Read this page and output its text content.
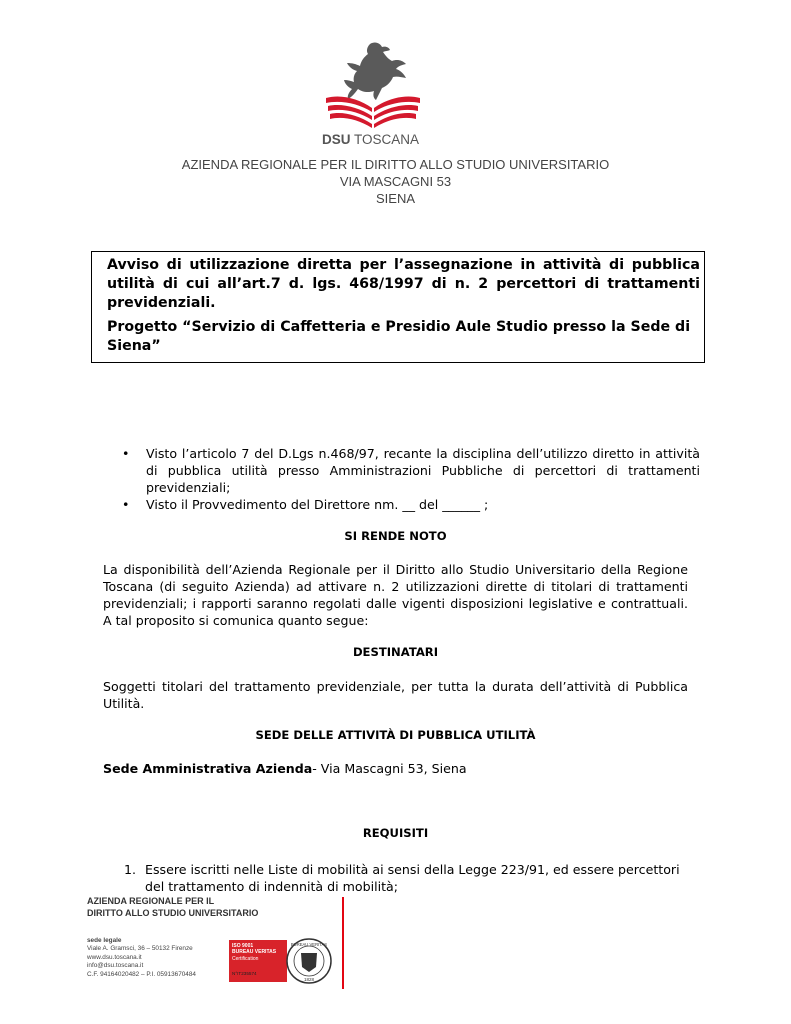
DSU TOSCANA
AZIENDA REGIONALE PER IL DIRITTO ALLO STUDIO UNIVERSITARIO
VIA MASCAGNI 53
SIENA
Avviso di utilizzazione diretta per l’assegnazione in attività di pubblica utilità di cui all’art.7 d. lgs. 468/1997 di n. 2 percettori di trattamenti previdenziali.
Progetto “Servizio di Caffetteria e Presidio Aule Studio presso la Sede di Siena”
• Visto l’articolo 7 del D.Lgs n.468/97, recante la disciplina dell’utilizzo diretto in attività di pubblica utilità presso Amministrazioni Pubbliche di percettori di trattamenti previdenziali;
• Visto il Provvedimento del Direttore nm. __ del ______ ;
SI RENDE NOTO
La disponibilità dell’Azienda Regionale per il Diritto allo Studio Universitario della Regione Toscana (di seguito Azienda) ad attivare n. 2 utilizzazioni dirette di titolari di trattamenti previdenziali; i rapporti saranno regolati dalle vigenti disposizioni legislative e contrattuali. A tal proposito si comunica quanto segue:
DESTINATARI
Soggetti titolari del trattamento previdenziale, per tutta la durata dell’attività di Pubblica Utilità.
SEDE DELLE ATTIVITÀ DI PUBBLICA UTILITÀ
Sede Amministrativa Azienda- Via Mascagni 53, Siena
REQUISITI
1. Essere iscritti nelle Liste di mobilità ai sensi della Legge 223/91, ed essere percettori del trattamento di indennità di mobilità;
AZIENDA REGIONALE PER IL
DIRITTO ALLO STUDIO UNIVERSITARIO
sede legale
Viale A. Gramsci, 36 – 50132 Firenze
www.dsu.toscana.it
info@dsu.toscana.it
C.F. 94164020482 – P.I. 05913670484
ISO 9001
BUREAU VERITAS
Certification
N°IT235574
BUREAU VERITAS
1828
